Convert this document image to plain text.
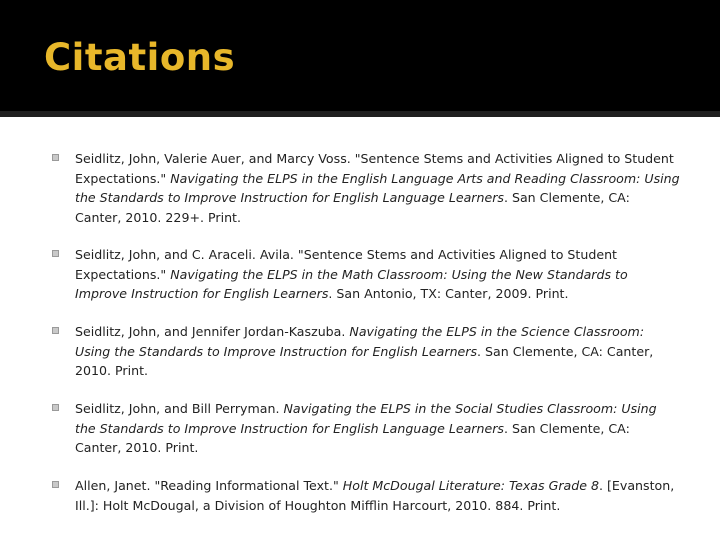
Citations
Seidlitz, John, Valerie Auer, and Marcy Voss. "Sentence Stems and Activities Aligned to Student Expectations." Navigating the ELPS in the English Language Arts and Reading Classroom: Using the Standards to Improve Instruction for English Language Learners. San Clemente, CA: Canter, 2010. 229+. Print.
Seidlitz, John, and C. Araceli. Avila. "Sentence Stems and Activities Aligned to Student Expectations." Navigating the ELPS in the Math Classroom: Using the New Standards to Improve Instruction for English Learners. San Antonio, TX: Canter, 2009. Print.
Seidlitz, John, and Jennifer Jordan-Kaszuba. Navigating the ELPS in the Science Classroom: Using the Standards to Improve Instruction for English Learners. San Clemente, CA: Canter, 2010. Print.
Seidlitz, John, and Bill Perryman. Navigating the ELPS in the Social Studies Classroom: Using the Standards to Improve Instruction for English Language Learners. San Clemente, CA: Canter, 2010. Print.
Allen, Janet. "Reading Informational Text." Holt McDougal Literature: Texas Grade 8. [Evanston, Ill.]: Holt McDougal, a Division of Houghton Mifflin Harcourt, 2010. 884. Print.
